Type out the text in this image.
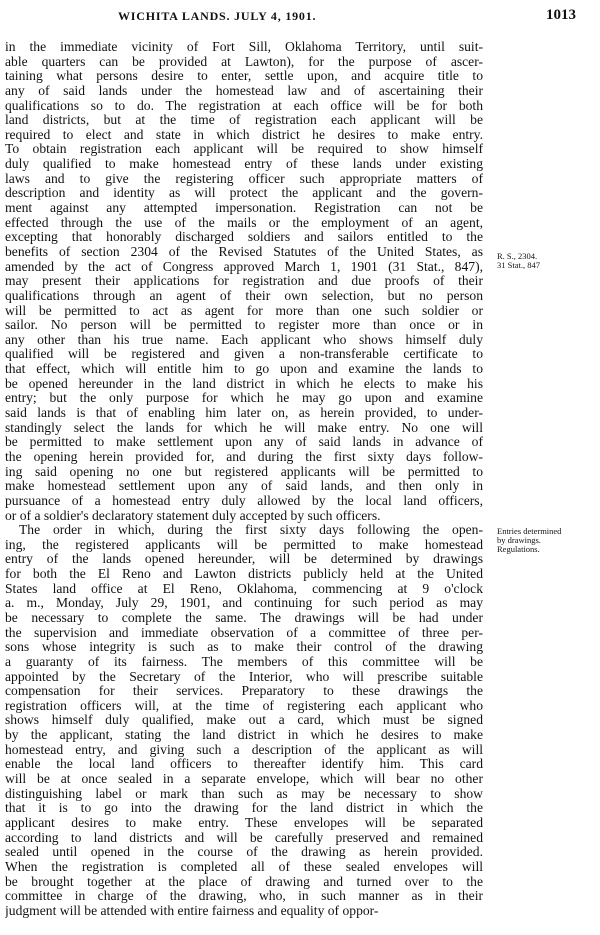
WICHITA LANDS. JULY 4, 1901.	1013
in the immediate vicinity of Fort Sill, Oklahoma Territory, until suit-
able quarters can be provided at Lawton), for the purpose of ascer-
taining what persons desire to enter, settle upon, and acquire title to
any of said lands under the homestead law and of ascertaining their
qualifications so to do. The registration at each office will be for both
land districts, but at the time of registration each applicant will be
required to elect and state in which district he desires to make entry.
To obtain registration each applicant will be required to show himself
duly qualified to make homestead entry of these lands under existing
laws and to give the registering officer such appropriate matters of
description and identity as will protect the applicant and the govern-
ment against any attempted impersonation. Registration can not be
effected through the use of the mails or the employment of an agent,
excepting that honorably discharged soldiers and sailors entitled to the
benefits of section 2304 of the Revised Statutes of the United States, as
amended by the act of Congress approved March 1, 1901 (31 Stat., 847),
may present their applications for registration and due proofs of their
qualifications through an agent of their own selection, but no person
will be permitted to act as agent for more than one such soldier or
sailor. No person will be permitted to register more than once or in
any other than his true name. Each applicant who shows himself duly
qualified will be registered and given a non-transferable certificate to
that effect, which will entitle him to go upon and examine the lands to
be opened hereunder in the land district in which he elects to make his
entry; but the only purpose for which he may go upon and examine
said lands is that of enabling him later on, as herein provided, to under-
standingly select the lands for which he will make entry. No one will
be permitted to make settlement upon any of said lands in advance of
the opening herein provided for, and during the first sixty days follow-
ing said opening no one but registered applicants will be permitted to
make homestead settlement upon any of said lands, and then only in
pursuance of a homestead entry duly allowed by the local land officers,
or of a soldier's declaratory statement duly accepted by such officers.
The order in which, during the first sixty days following the open-
ing, the registered applicants will be permitted to make homestead
entry of the lands opened hereunder, will be determined by drawings
for both the El Reno and Lawton districts publicly held at the United
States land office at El Reno, Oklahoma, commencing at 9 o'clock
a. m., Monday, July 29, 1901, and continuing for such period as may
be necessary to complete the same. The drawings will be had under
the supervision and immediate observation of a committee of three per-
sons whose integrity is such as to make their control of the drawing
a guaranty of its fairness. The members of this committee will be
appointed by the Secretary of the Interior, who will prescribe suitable
compensation for their services. Preparatory to these drawings the
registration officers will, at the time of registering each applicant who
shows himself duly qualified, make out a card, which must be signed
by the applicant, stating the land district in which he desires to make
homestead entry, and giving such a description of the applicant as will
enable the local land officers to thereafter identify him. This card
will be at once sealed in a separate envelope, which will bear no other
distinguishing label or mark than such as may be necessary to show
that it is to go into the drawing for the land district in which the
applicant desires to make entry. These envelopes will be separated
according to land districts and will be carefully preserved and remained
sealed until opened in the course of the drawing as herein provided.
When the registration is completed all of these sealed envelopes will
be brought together at the place of drawing and turned over to the
committee in charge of the drawing, who, in such manner as in their
judgment will be attended with entire fairness and equality of oppor-
R. S., 2304.
31 Stat., 847
Entries determined
by drawings.
Regulations.
